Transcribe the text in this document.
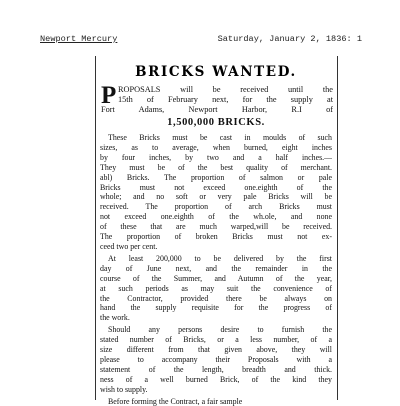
Newport Mercury	Saturday, January 2, 1836: 1
BRICKS WANTED.
P ROPOSALS will be received until the
15th of February next, for the supply at
Fort Adams, Newport Harbor, R.I of
1,500,000 BRICKS.
These Bricks must be cast in moulds of such
sizes, as to average, when burned, eight inches
by four inches, by two and a half inches.—
They must be of the best quality of merchant.
abl) Bricks. The proportion of salmon or pale
Bricks must not exceed one.eighth of the
whole; and no soft or very pale Bricks will be
received. The proportion of arch Bricks must
not exceed one.eighth of the wh.ole, and none
of these that are much warped,will be received.
The proportion of broken Bricks must not ex-
ceed two per cent.
At least 200,000 to be delivered by the first
day of June next, and the remainder in the
course of the Summer, and Autumn of the year,
at such periods as may suit the convenience of
the Contractor, provided there be always on
hand the supply requisite for the progress of
the work.
Should any persons desire to furnish the
stated number of Bricks, or a less number, of a
size different from that given above, they will
please to accompany their Proposals with a
statement of the length, breadth and thick.
ness of a well burned Brick, of the kind they
wish to supply.
Before forming the Contract, a fair sample
